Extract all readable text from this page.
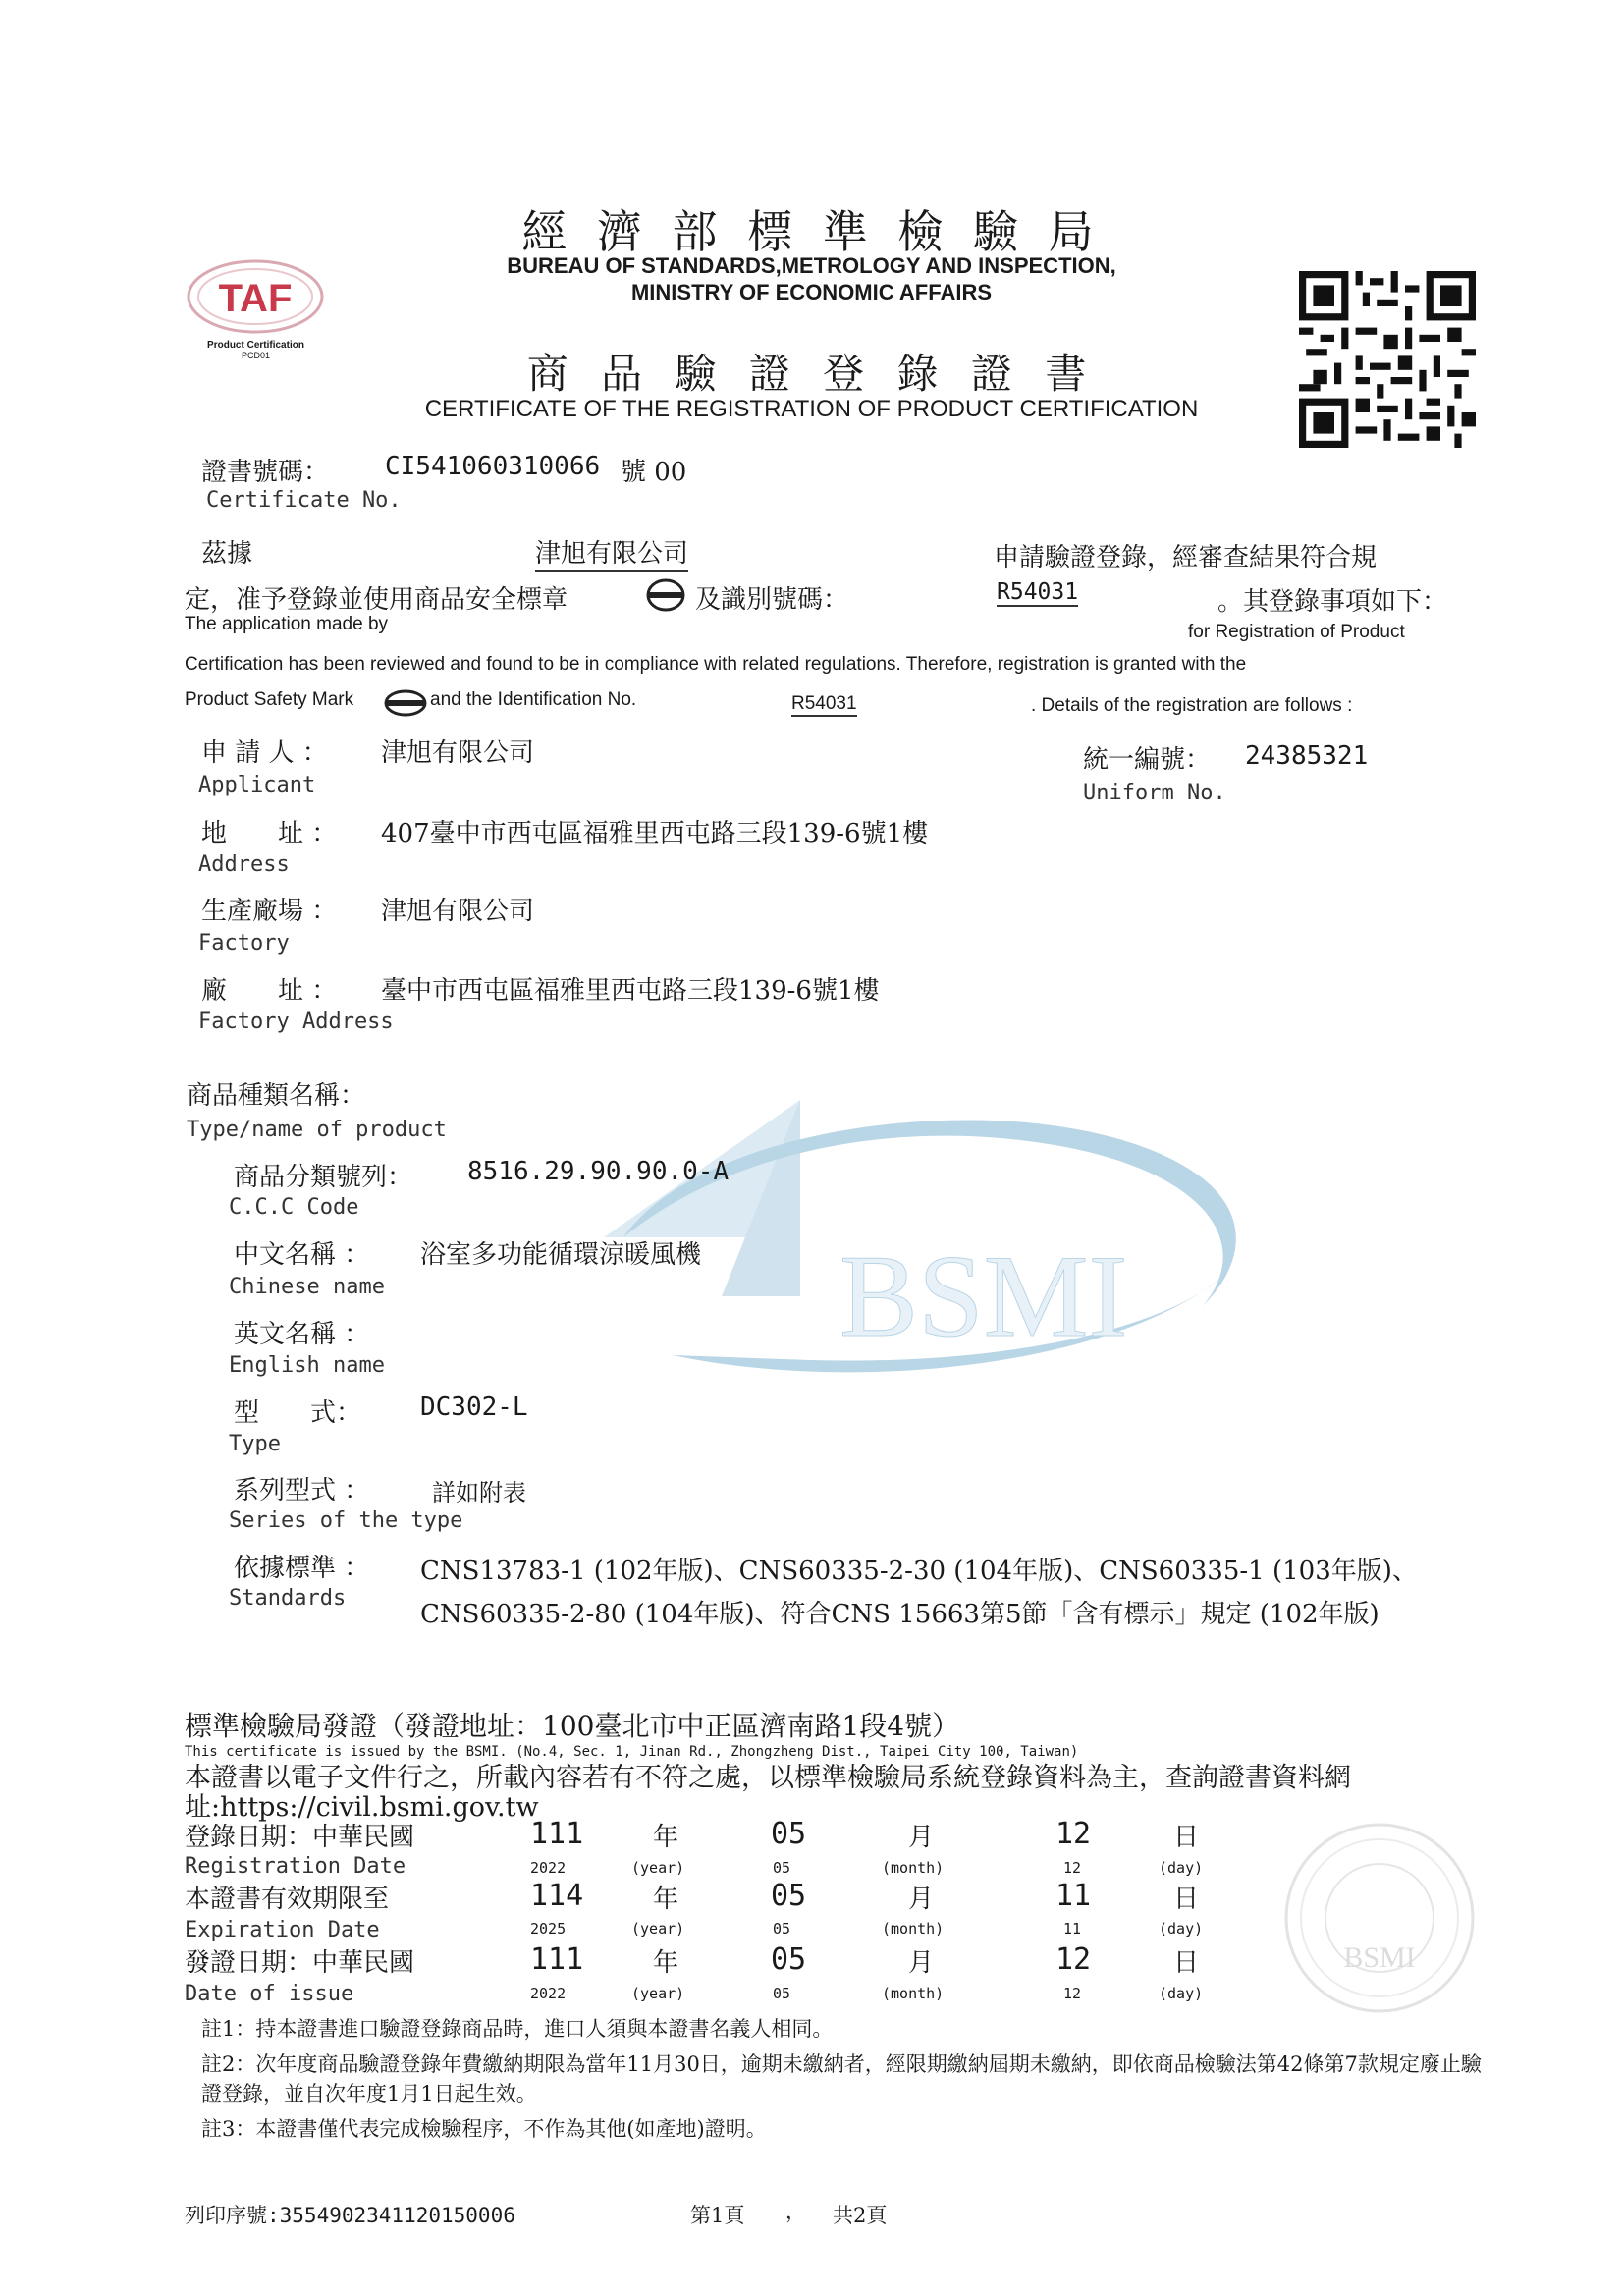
BSMI
TAF
Product Certification
PCD01
經 濟 部 標 準 檢 驗 局
BUREAU OF STANDARDS,METROLOGY AND INSPECTION,
MINISTRY OF ECONOMIC AFFAIRS
商 品 驗 證 登 錄 證 書
CERTIFICATE OF THE REGISTRATION OF PRODUCT CERTIFICATION
證書號碼： CI541060310066 號 00
Certificate No.
茲據	津旭有限公司	申請驗證登錄，經審查結果符合規
定，准予登錄並使用商品安全標章	及識別號碼：	R54031	。其登錄事項如下：
The application made by	for Registration of Product
Certification has been reviewed and found to be in compliance with related regulations. Therefore, registration is granted with the
Product Safety Mark	and the Identification No.	R54031	. Details of the registration are follows :
申 請 人 ： 津旭有限公司
Applicant
統一編號： 24385321
Uniform No.
地　　址 ： 407臺中市西屯區福雅里西屯路三段139-6號1樓
Address
生產廠場 ： 津旭有限公司
Factory
廠　　址 ： 臺中市西屯區福雅里西屯路三段139-6號1樓
Factory Address
商品種類名稱：
Type/name of product
商品分類號列： 8516.29.90.90.0-A
C.C.C Code
中文名稱 ： 浴室多功能循環涼暖風機
Chinese name
英文名稱 ：
English name
型　　式： DC302-L
Type
系列型式 ：	詳如附表
Series of the type
依據標準 ：
Standards
CNS13783-1 (102年版)、CNS60335-2-30 (104年版)、CNS60335-1 (103年版)、CNS60335-2-80 (104年版)、符合CNS 15663第5節「含有標示」規定 (102年版)
標準檢驗局發證（發證地址：100臺北市中正區濟南路1段4號）
This certificate is issued by the BSMI. (No.4, Sec. 1, Jinan Rd., Zhongzheng Dist., Taipei City 100, Taiwan)
本證書以電子文件行之，所載內容若有不符之處，以標準檢驗局系統登錄資料為主，查詢證書資料網址:https://civil.bsmi.gov.tw
BSMI
登錄日期：中華民國	111	年	05	月	12	日
Registration Date	2022	(year)	05	(month)	12	(day)
本證書有效期限至	114	年	05	月	11	日
Expiration Date	2025	(year)	05	(month)	11	(day)
發證日期：中華民國	111	年	05	月	12	日
Date of issue	2022	(year)	05	(month)	12	(day)
註1：持本證書進口驗證登錄商品時，進口人須與本證書名義人相同。
註2：次年度商品驗證登錄年費繳納期限為當年11月30日，逾期未繳納者，經限期繳納屆期未繳納，即依商品檢驗法第42條第7款規定廢止驗證登錄，並自次年度1月1日起生效。
註3：本證書僅代表完成檢驗程序，不作為其他(如產地)證明。
列印序號:3554902341120150006	第1頁 ， 共2頁
